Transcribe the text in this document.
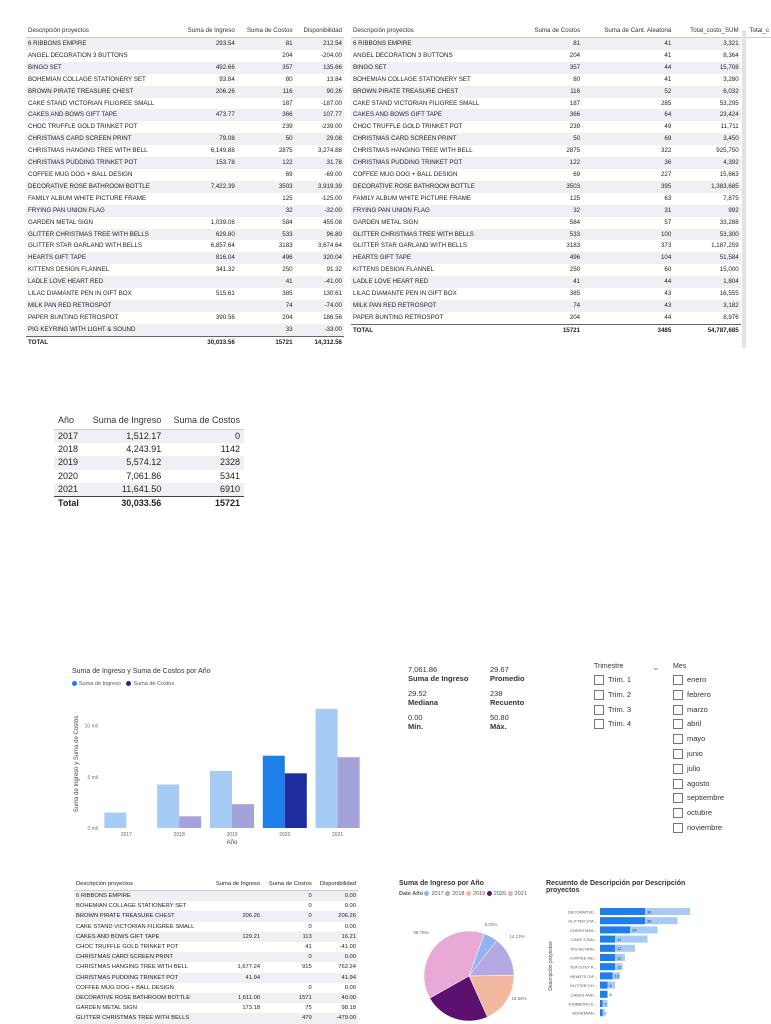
Descripción proyectos	Suma de Ingreso	Suma de Costos	Disponibilidad
6 RIBBONS EMPIRE	293.54	81	212.54
ANGEL DECORATION 3 BUTTONS		204	-204.00
BINGO SET	492.66	357	135.66
BOHEMIAN COLLAGE STATIONERY SET	93.84	80	13.84
BROWN PIRATE TREASURE CHEST	206.26	116	90.26
CAKE STAND VICTORIAN FILIGREE SMALL		187	-187.00
CAKES AND BOWS GIFT TAPE	473.77	366	107.77
CHOC TRUFFLE GOLD TRINKET POT		239	-239.00
CHRISTMAS CARD SCREEN PRINT	79.08	50	29.08
CHRISTMAS HANGING TREE WITH BELL	6,149.88	2875	3,274.88
CHRISTMAS PUDDING TRINKET POT	153.78	122	31.78
COFFEE MUG DOG + BALL DESIGN		69	-69.00
DECORATIVE ROSE BATHROOM BOTTLE	7,422.39	3503	3,919.39
FAMILY ALBUM WHITE PICTURE FRAME		125	-125.00
FRYING PAN UNION FLAG		32	-32.00
GARDEN METAL SIGN	1,039.08	584	455.08
GLITTER CHRISTMAS TREE WITH BELLS	629.80	533	96.80
GLITTER STAR GARLAND WITH BELLS	6,857.64	3183	3,674.64
HEARTS GIFT TAPE	816.04	496	320.04
KITTENS DESIGN FLANNEL	341.32	250	91.32
LADLE LOVE HEART RED		41	-41.00
LILAC DIAMANTE PEN IN GIFT BOX	515.61	385	130.61
MILK PAN RED RETROSPOT		74	-74.00
PAPER BUNTING RETROSPOT	390.56	204	186.56
PIG KEYRING WITH LIGHT & SOUND		33	-33.00
TOTAL	30,033.56	15721	14,312.56
Descripción proyectos	Suma de Costos	Suma de Cant. Aleatoria	Total_costo_SUM	Total_c
6 RIBBONS EMPIRE	81	41	3,321	
ANGEL DECORATION 3 BUTTONS	204	41	8,364	
BINGO SET	357	44	15,708	
BOHEMIAN COLLAGE STATIONERY SET	80	41	3,280	
BROWN PIRATE TREASURE CHEST	116	52	6,032	
CAKE STAND VICTORIAN FILIGREE SMALL	187	285	53,295	
CAKES AND BOWS GIFT TAPE	366	64	23,424	
CHOC TRUFFLE GOLD TRINKET POT	239	49	11,711	
CHRISTMAS CARD SCREEN PRINT	50	69	3,450	
CHRISTMAS HANGING TREE WITH BELL	2875	322	925,750	
CHRISTMAS PUDDING TRINKET POT	122	36	4,392	
COFFEE MUG DOG + BALL DESIGN	69	227	15,663	
DECORATIVE ROSE BATHROOM BOTTLE	3503	395	1,383,685	
FAMILY ALBUM WHITE PICTURE FRAME	125	63	7,875	
FRYING PAN UNION FLAG	32	31	992	
GARDEN METAL SIGN	584	57	33,288	
GLITTER CHRISTMAS TREE WITH BELLS	533	100	53,300	
GLITTER STAR GARLAND WITH BELLS	3183	373	1,187,259	
HEARTS GIFT TAPE	496	104	51,584	
KITTENS DESIGN FLANNEL	250	60	15,000	
LADLE LOVE HEART RED	41	44	1,804	
LILAC DIAMANTE PEN IN GIFT BOX	385	43	16,555	
MILK PAN RED RETROSPOT	74	43	3,182	
PAPER BUNTING RETROSPOT	204	44	8,976	
TOTAL	15721	3485	54,787,685	
Año	Suma de Ingreso	Suma de Costos
2017	1,512.17	0
2018	4,243.91	1142
2019	5,574.12	2328
2020	7,061.86	5341
2021	11,641.50	6910
Total	30,033.56	15721
Suma de Ingreso y Suma de Costos por Año
Suma de Ingreso Suma de Costos
0 mil
5 mil
10 mil
Suma de Ingreso y Suma de Costos
2017	2018	2019	2020	2021
Año
7,061.86
Suma de Ingreso
29.67
Promedio
29.52
Mediana
238
Recuento
0.00
Mín.
50.80
Máx.
Trimestre	⌄
Trim. 1
Trim. 2
Trim. 3
Trim. 4
Mes
enero
febrero
marzo
abril
mayo
junio
julio
agosto
septiembre
octubre
noviembre
Descripción proyectos	Suma de Ingreso	Suma de Costos	Disponibilidad
6 RIBBONS EMPIRE		0	0.00
BOHEMIAN COLLAGE STATIONERY SET		0	0.00
BROWN PIRATE TREASURE CHEST	206.26	0	206.26
CAKE STAND VICTORIAN FILIGREE SMALL		0	0.00
CAKES AND BOWS GIFT TAPE	129.21	113	16.21
CHOC TRUFFLE GOLD TRINKET POT		41	-41.00
CHRISTMAS CARD SCREEN PRINT		0	0.00
CHRISTMAS HANGING TREE WITH BELL	1,677.24	915	762.24
CHRISTMAS PUDDING TRINKET POT	41.94		41.94
COFFEE MUG DOG + BALL DESIGN		0	0.00
DECORATIVE ROSE BATHROOM BOTTLE	1,611.00	1571	40.00
GARDEN METAL SIGN	173.18	75	98.18
GLITTER CHRISTMAS TREE WITH BELLS		479	-479.00
Suma de Ingreso por Año
Date Año 2017 2018 2019 2020 2021
5.03%
14.13%
18.56%
38.76%
Recuento de Descripción por Descripción proyectos
Descripción proyectos
DECORATIVE...	36
GLITTER STA...	36
CHRISTMAS...	24
CAKE STAN...	12
PIG KEYRIN...	12
COFFEE MU...	12
TEA COSY R...	12
HEARTS GIF...	10
GLITTER CH...	6
CAKES AND...	6
6 RIBBONS E... 2
BOHEMIAN... 2
